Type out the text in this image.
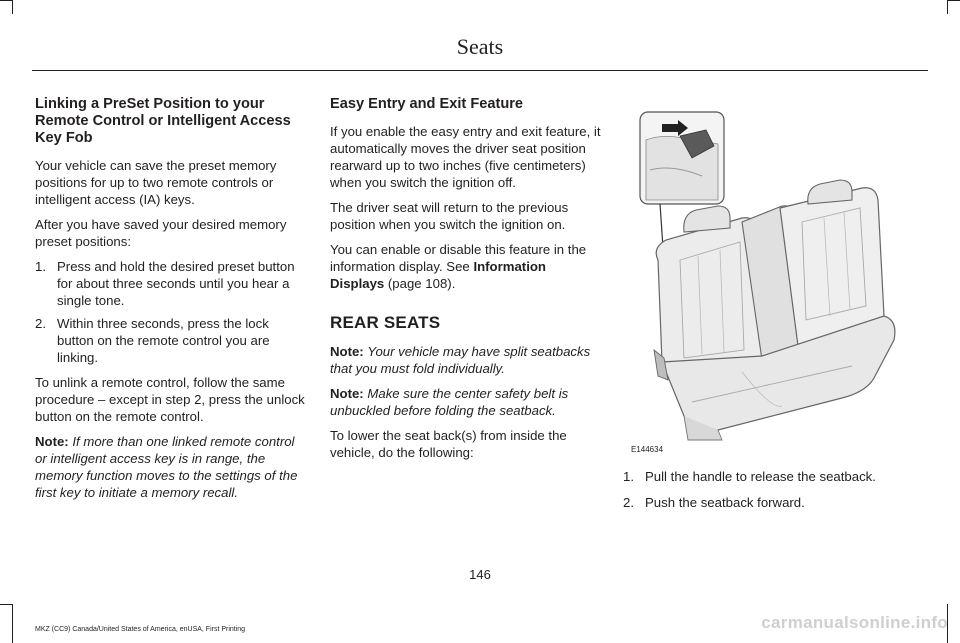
Seats
Linking a PreSet Position to your Remote Control or Intelligent Access Key Fob

Your vehicle can save the preset memory positions for up to two remote controls or intelligent access (IA) keys.

After you have saved your desired memory preset positions:

1. Press and hold the desired preset button for about three seconds until you hear a single tone.
2. Within three seconds, press the lock button on the remote control you are linking.

To unlink a remote control, follow the same procedure – except in step 2, press the unlock button on the remote control.

Note: If more than one linked remote control or intelligent access key is in range, the memory function moves to the settings of the first key to initiate a memory recall.

Easy Entry and Exit Feature

If you enable the easy entry and exit feature, it automatically moves the driver seat position rearward up to two inches (five centimeters) when you switch the ignition off.

The driver seat will return to the previous position when you switch the ignition on.

You can enable or disable this feature in the information display. See Information Displays (page 108).

REAR SEATS

Note: Your vehicle may have split seatbacks that you must fold individually.

Note: Make sure the center safety belt is unbuckled before folding the seatback.

To lower the seat back(s) from inside the vehicle, do the following:	E144634
1. Pull the handle to release the seatback.
2. Push the seatback forward.
146
MKZ (CC9) Canada/United States of America, enUSA, First Printing	carmanualsonline.info
